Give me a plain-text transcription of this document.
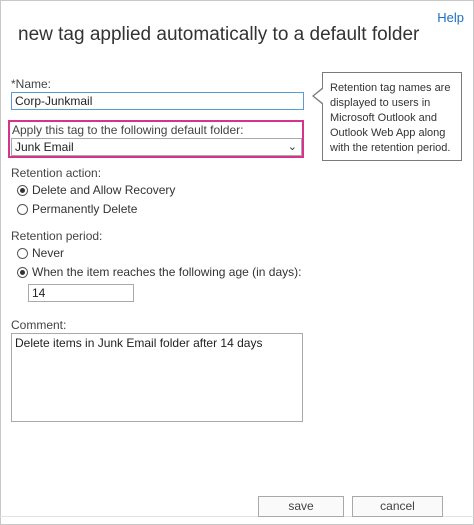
Help
new tag applied automatically to a default folder
*Name:
Corp-Junkmail
Apply this tag to the following default folder:
Junk Email	⌄
Retention tag names are displayed to users in Microsoft Outlook and Outlook Web App along with the retention period.
Retention action:
Delete and Allow Recovery
Permanently Delete
Retention period:
Never
When the item reaches the following age (in days):
14
Comment:
Delete items in Junk Email folder after 14 days
save	cancel
